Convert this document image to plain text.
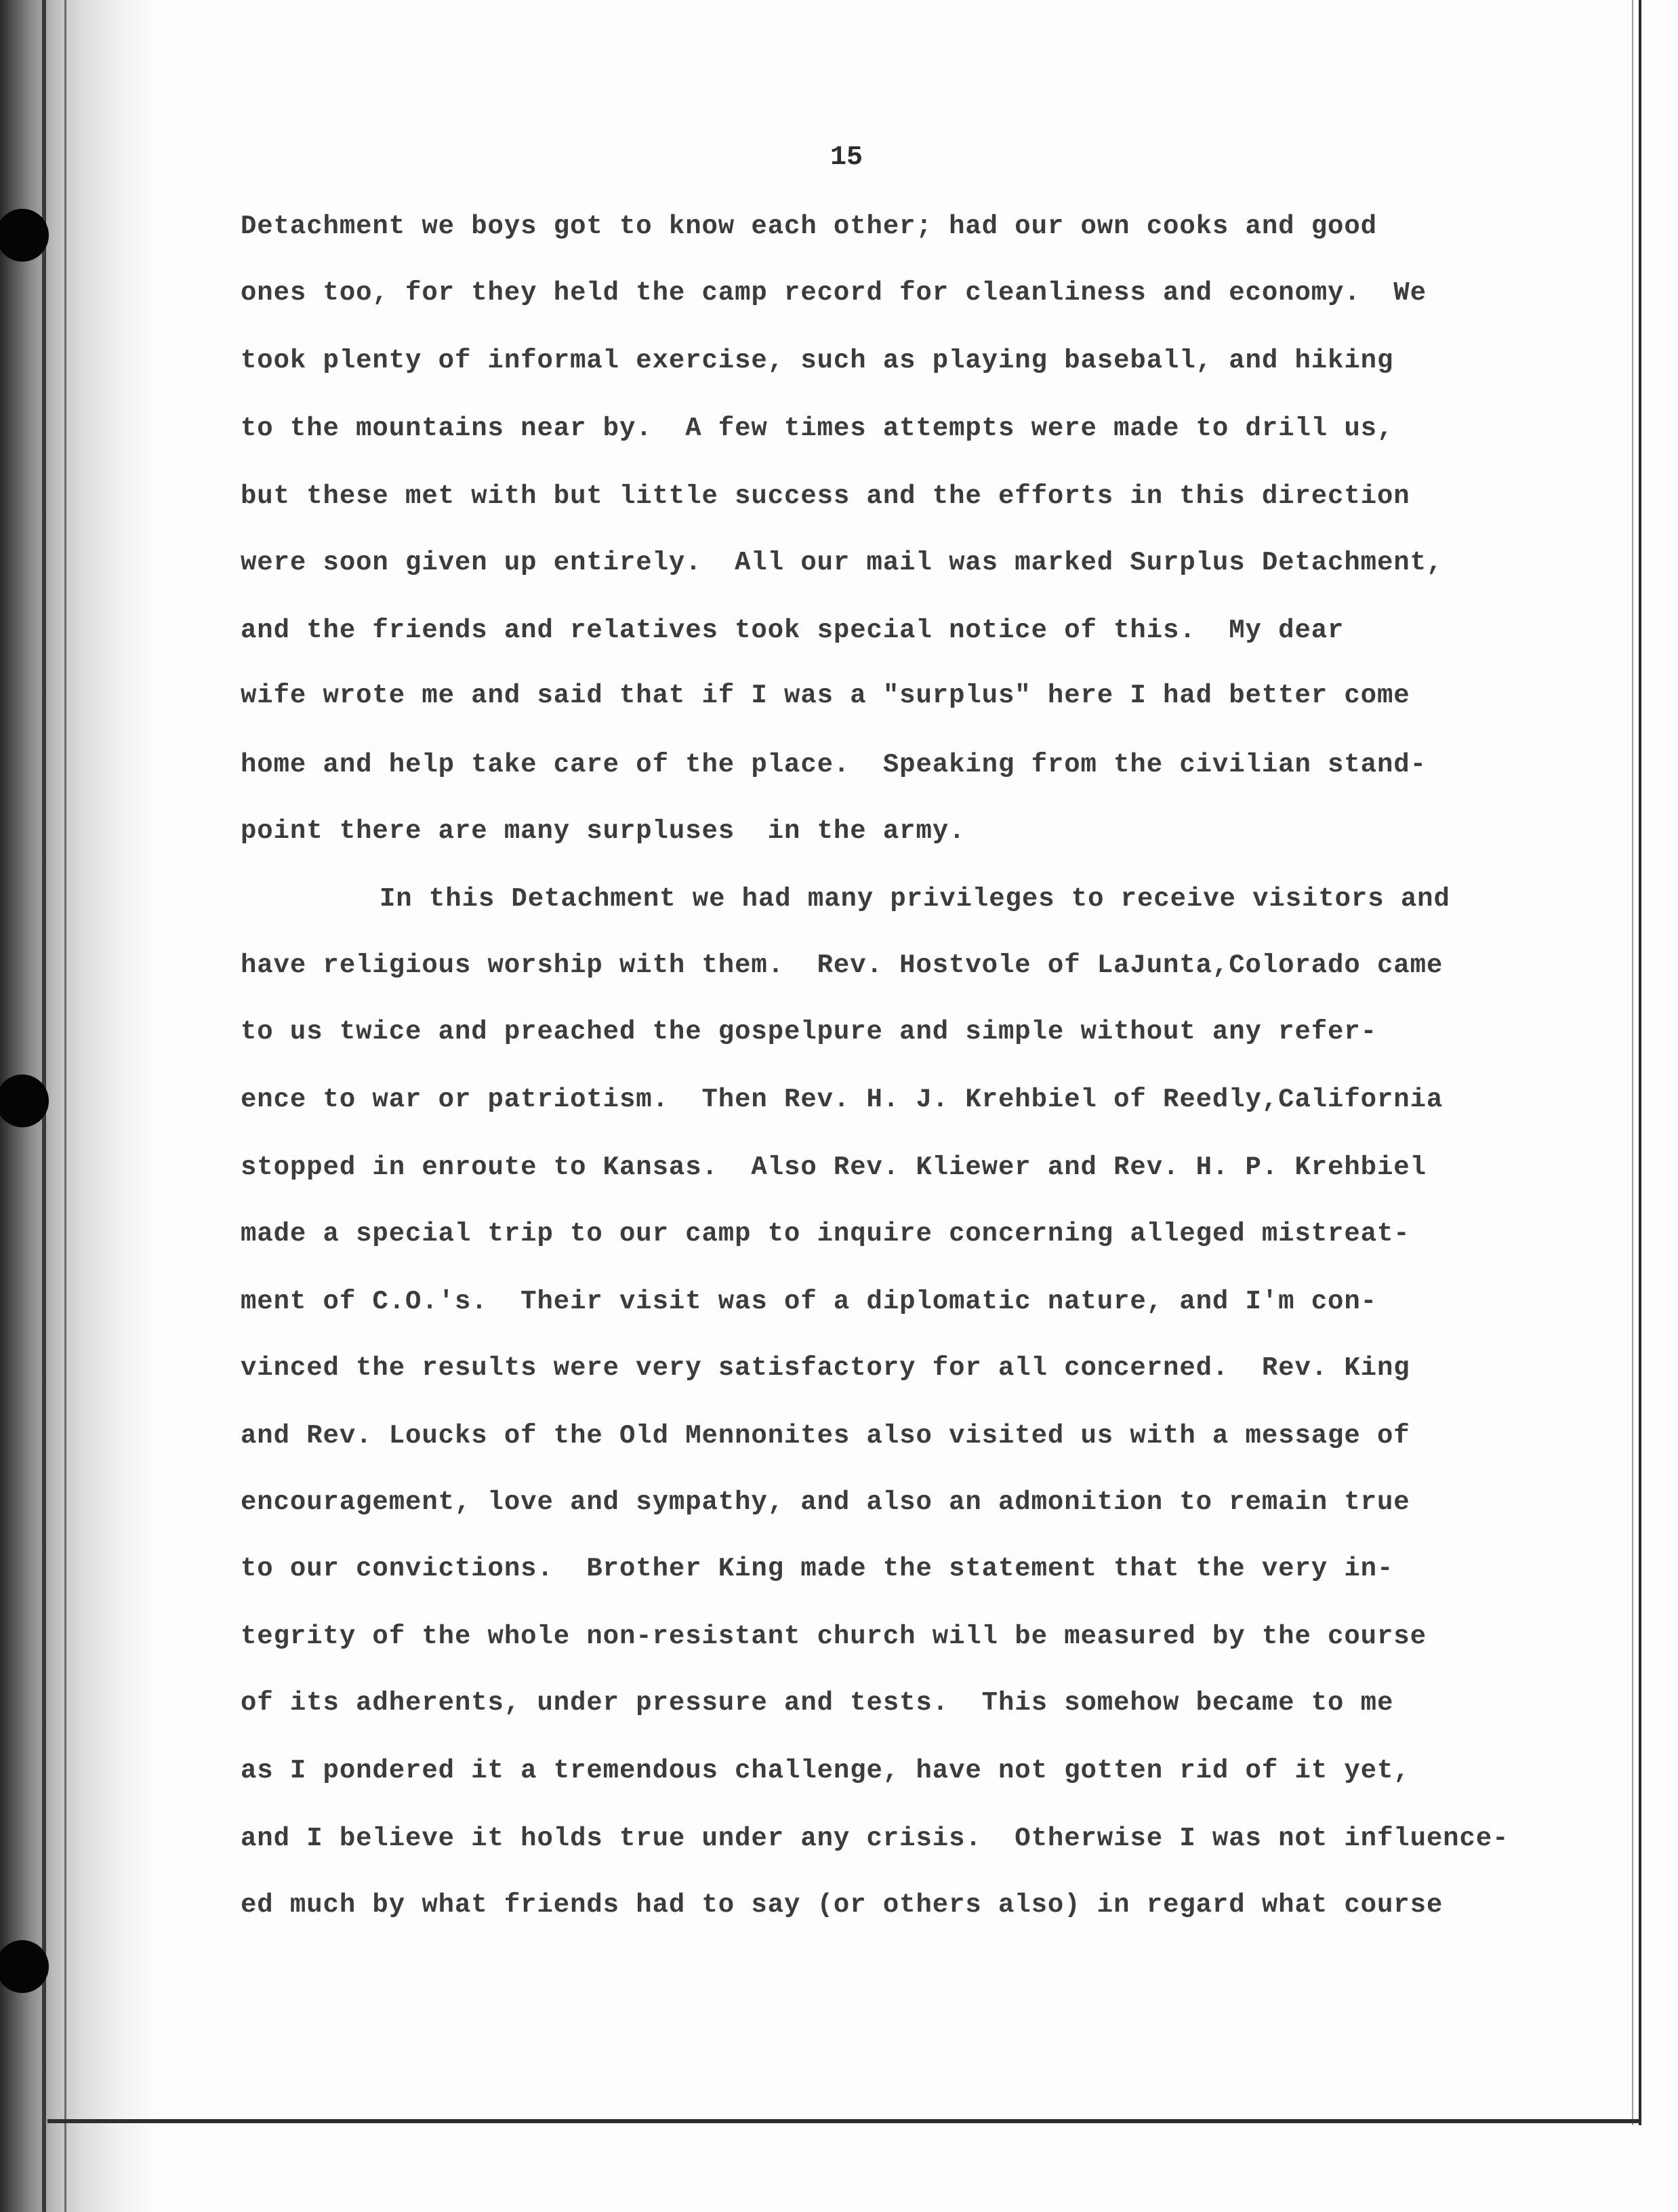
15
Detachment we boys got to know each other; had our own cooks and good
ones too, for they held the camp record for cleanliness and economy.  We
took plenty of informal exercise, such as playing baseball, and hiking
to the mountains near by.  A few times attempts were made to drill us,
but these met with but little success and the efforts in this direction
were soon given up entirely.  All our mail was marked Surplus Detachment,
and the friends and relatives took special notice of this.  My dear
wife wrote me and said that if I was a "surplus" here I had better come
home and help take care of the place.  Speaking from the civilian stand-
point there are many surpluses  in the army.
In this Detachment we had many privileges to receive visitors and
have religious worship with them.  Rev. Hostvole of LaJunta,Colorado came
to us twice and preached the gospelpure and simple without any refer-
ence to war or patriotism.  Then Rev. H. J. Krehbiel of Reedly,California
stopped in enroute to Kansas.  Also Rev. Kliewer and Rev. H. P. Krehbiel
made a special trip to our camp to inquire concerning alleged mistreat-
ment of C.O.'s.  Their visit was of a diplomatic nature, and I'm con-
vinced the results were very satisfactory for all concerned.  Rev. King
and Rev. Loucks of the Old Mennonites also visited us with a message of
encouragement, love and sympathy, and also an admonition to remain true
to our convictions.  Brother King made the statement that the very in-
tegrity of the whole non-resistant church will be measured by the course
of its adherents, under pressure and tests.  This somehow became to me
as I pondered it a tremendous challenge, have not gotten rid of it yet,
and I believe it holds true under any crisis.  Otherwise I was not influence-
ed much by what friends had to say (or others also) in regard what course
